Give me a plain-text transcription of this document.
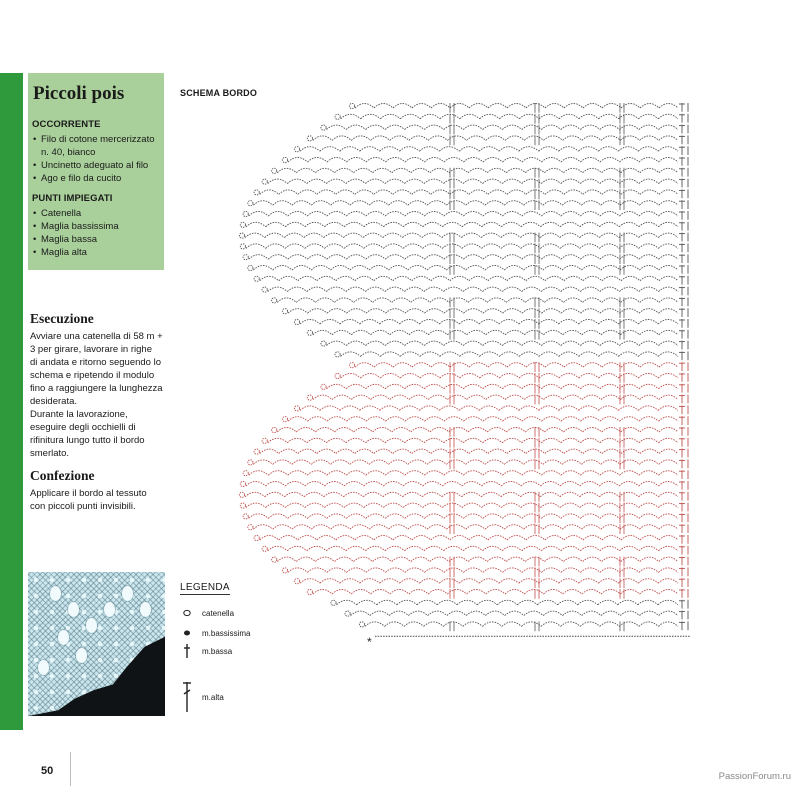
Piccoli pois
OCCORRENTE
• Filo di cotone mercerizzato n. 40, bianco
• Uncinetto adeguato al filo
• Ago e filo da cucito
PUNTI IMPIEGATI
• Catenella
• Maglia bassissima
• Maglia bassa
• Maglia alta
Esecuzione

Avviare una catenella di 58 m +
3 per girare, lavorare in righe
di andata e ritorno seguendo lo
schema e ripetendo il modulo
fino a raggiungere la lunghezza
desiderata.
Durante la lavorazione,
eseguire degli occhielli di
rifinitura lungo tutto il bordo
smerlato.

Confezione

Applicare il bordo al tessuto
con piccoli punti invisibili.

SCHEMA BORDO

*

LEGENDA

catenella
m.bassissima
m.bassa
m.alta

50	PassionForum.ru
